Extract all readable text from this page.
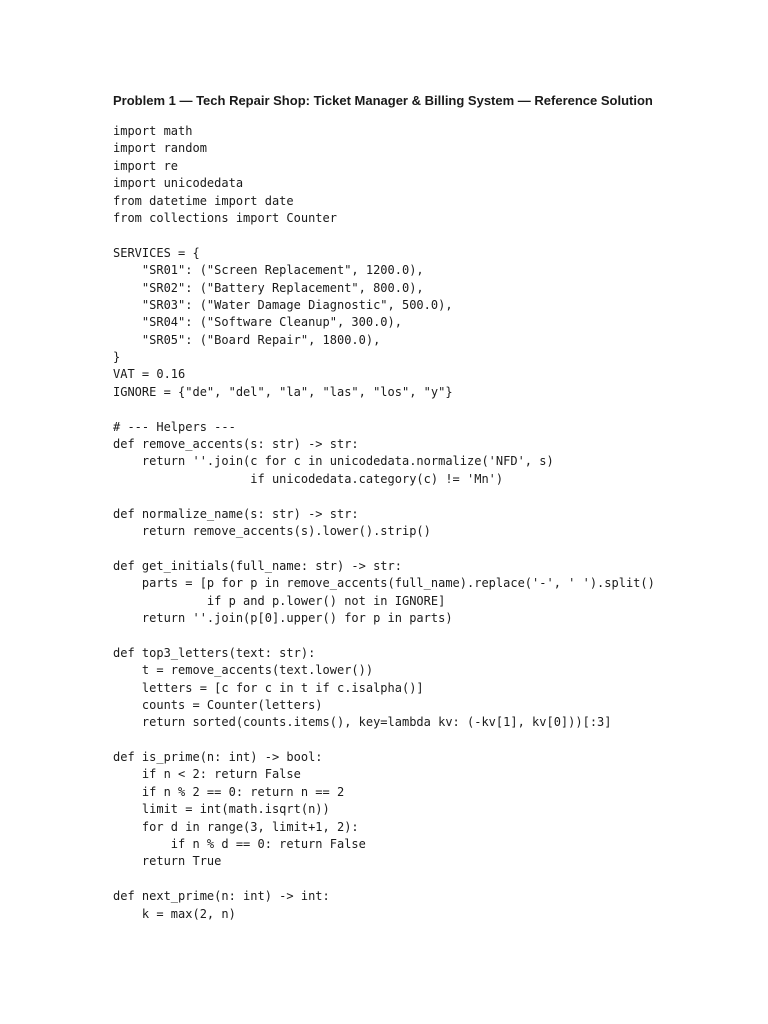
Problem 1 — Tech Repair Shop: Ticket Manager & Billing System — Reference Solution
import math
import random
import re
import unicodedata
from datetime import date
from collections import Counter
SERVICES = {
"SR01": ("Screen Replacement", 1200.0),
"SR02": ("Battery Replacement", 800.0),
"SR03": ("Water Damage Diagnostic", 500.0),
"SR04": ("Software Cleanup", 300.0),
"SR05": ("Board Repair", 1800.0),
}
VAT = 0.16
IGNORE = {"de", "del", "la", "las", "los", "y"}
# --- Helpers ---
def remove_accents(s: str) -> str:
return ''.join(c for c in unicodedata.normalize('NFD', s)
if unicodedata.category(c) != 'Mn')
def normalize_name(s: str) -> str:
return remove_accents(s).lower().strip()
def get_initials(full_name: str) -> str:
parts = [p for p in remove_accents(full_name).replace('-', ' ').split()
if p and p.lower() not in IGNORE]
return ''.join(p[0].upper() for p in parts)
def top3_letters(text: str):
t = remove_accents(text.lower())
letters = [c for c in t if c.isalpha()]
counts = Counter(letters)
return sorted(counts.items(), key=lambda kv: (-kv[1], kv[0]))[:3]
def is_prime(n: int) -> bool:
if n < 2: return False
if n % 2 == 0: return n == 2
limit = int(math.isqrt(n))
for d in range(3, limit+1, 2):
if n % d == 0: return False
return True
def next_prime(n: int) -> int:
k = max(2, n)
